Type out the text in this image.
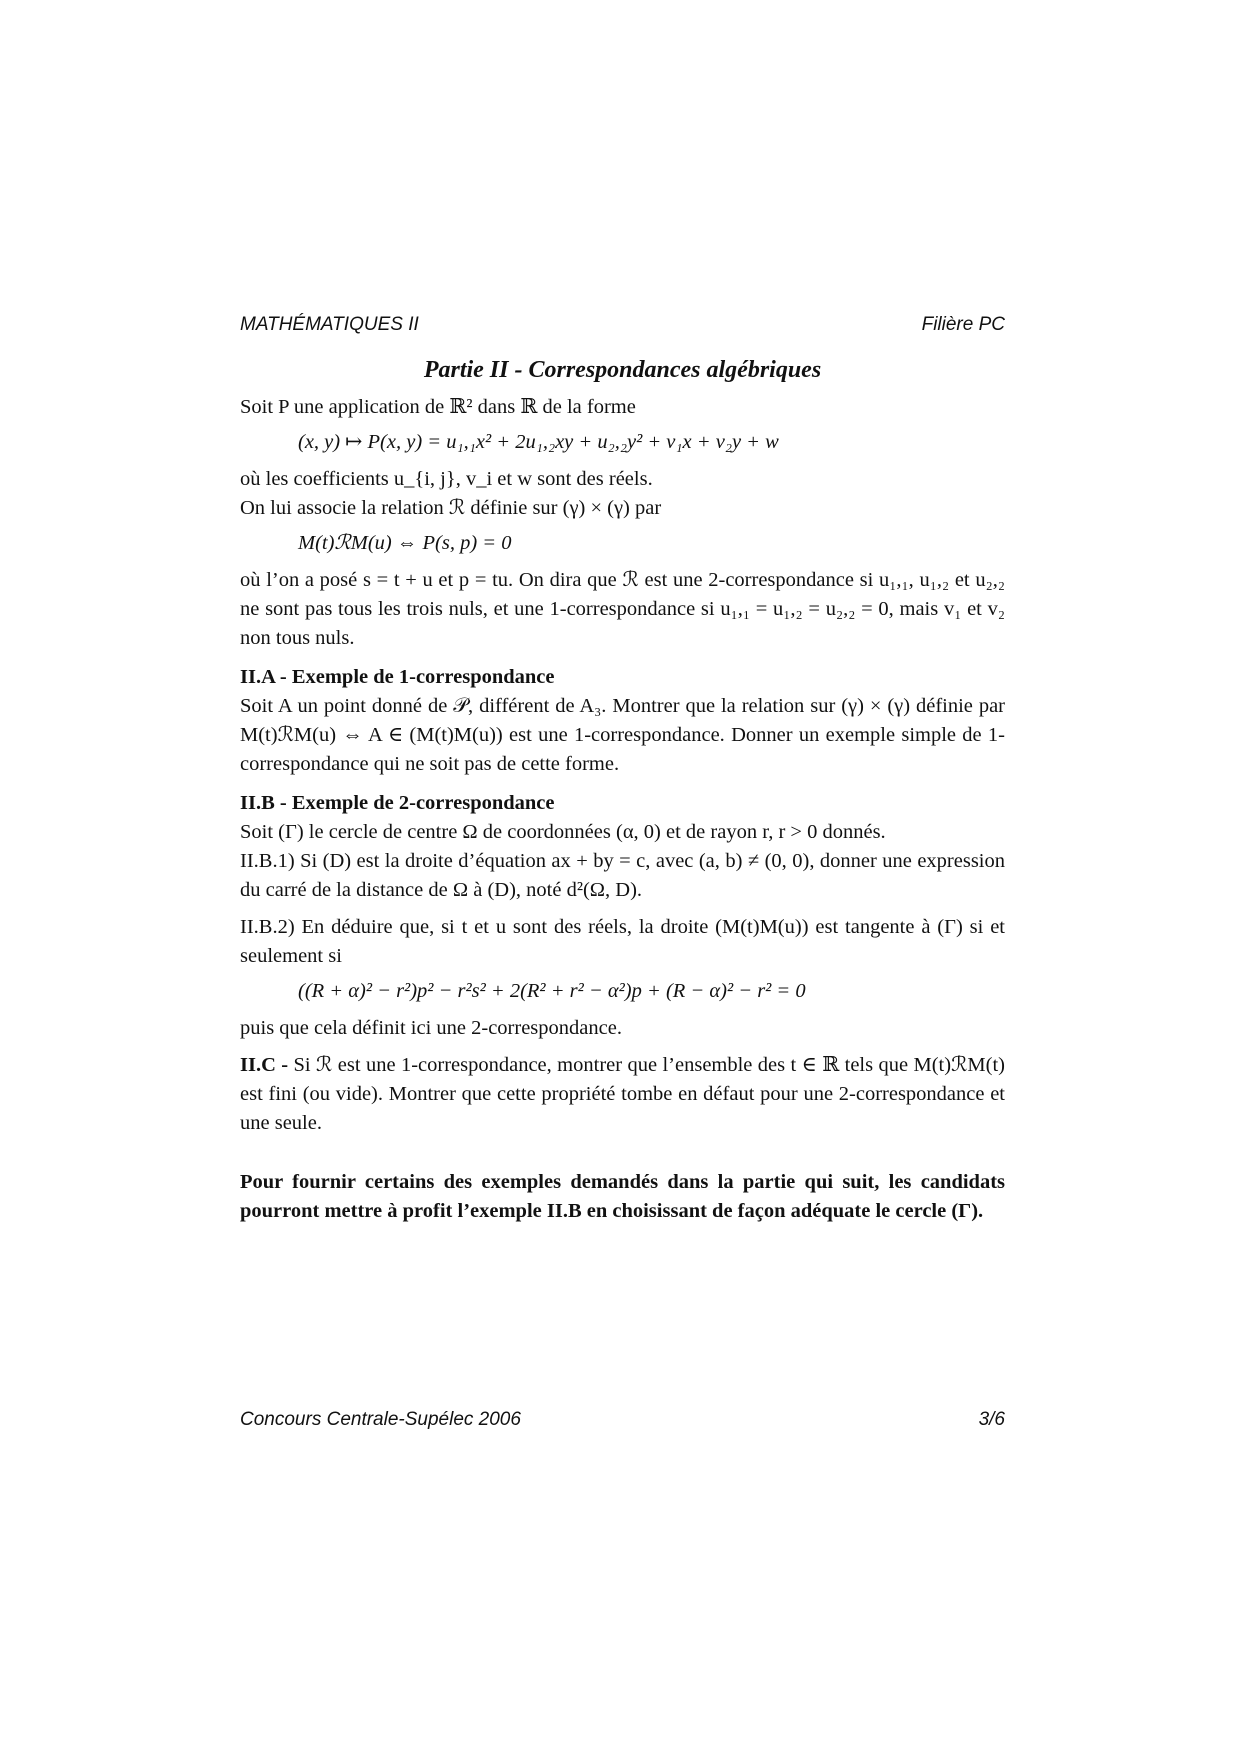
MATHÉMATIQUES II	Filière PC
Partie II - Correspondances algébriques

Soit P une application de ℝ² dans ℝ de la forme

(x, y) ↦ P(x, y) = u₁,₁x² + 2u₁,₂xy + u₂,₂y² + v₁x + v₂y + w

où les coefficients u_{i, j}, v_i et w sont des réels.

On lui associe la relation ℛ définie sur (γ) × (γ) par

M(t)ℛM(u) ⇔ P(s, p) = 0

où l’on a posé s = t + u et p = tu. On dira que ℛ est une 2-correspondance si u₁,₁, u₁,₂ et u₂,₂ ne sont pas tous les trois nuls, et une 1-correspondance si u₁,₁ = u₁,₂ = u₂,₂ = 0, mais v₁ et v₂ non tous nuls.

II.A - Exemple de 1-correspondance

Soit A un point donné de 𝒫, différent de A₃. Montrer que la relation sur (γ) × (γ) définie par M(t)ℛM(u) ⇔ A ∈ (M(t)M(u)) est une 1-correspondance. Donner un exemple simple de 1-correspondance qui ne soit pas de cette forme.

II.B - Exemple de 2-correspondance

Soit (Γ) le cercle de centre Ω de coordonnées (α, 0) et de rayon r, r > 0 donnés.

II.B.1) Si (D) est la droite d’équation ax + by = c, avec (a, b) ≠ (0, 0), donner une expression du carré de la distance de Ω à (D), noté d²(Ω, D).

II.B.2) En déduire que, si t et u sont des réels, la droite (M(t)M(u)) est tangente à (Γ) si et seulement si

((R + α)² − r²)p² − r²s² + 2(R² + r² − α²)p + (R − α)² − r² = 0

puis que cela définit ici une 2-correspondance.

II.C - Si ℛ est une 1-correspondance, montrer que l’ensemble des t ∈ ℝ tels que M(t)ℛM(t) est fini (ou vide). Montrer que cette propriété tombe en défaut pour une 2-correspondance et une seule.

Pour fournir certains des exemples demandés dans la partie qui suit, les candidats pourront mettre à profit l’exemple II.B en choisissant de façon adéquate le cercle (Γ).

Concours Centrale-Supélec 2006	3/6
